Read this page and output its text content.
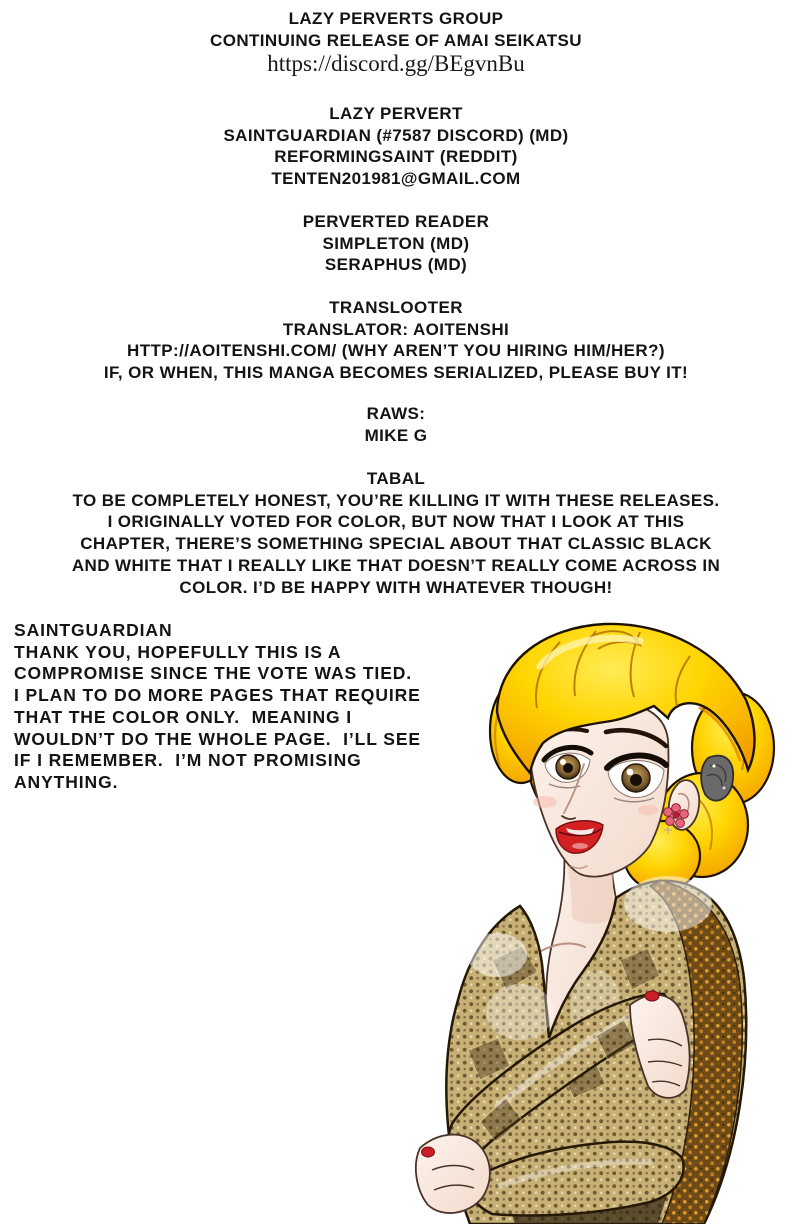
LAZY PERVERTS GROUP
CONTINUING RELEASE OF AMAI SEIKATSU
https://discord.gg/BEgvnBu
LAZY PERVERT
SAINTGUARDIAN (#7587 DISCORD) (MD)
REFORMINGSAINT (REDDIT)
TENTEN201981@GMAIL.COM
PERVERTED READER
SIMPLETON (MD)
SERAPHUS (MD)
TRANSLOOTER
TRANSLATOR: AOITENSHI
HTTP://AOITENSHI.COM/ (WHY AREN’T YOU HIRING HIM/HER?)
IF, OR WHEN, THIS MANGA BECOMES SERIALIZED, PLEASE BUY IT!
RAWS:
MIKE G
TABAL
TO BE COMPLETELY HONEST, YOU’RE KILLING IT WITH THESE RELEASES.
I ORIGINALLY VOTED FOR COLOR, BUT NOW THAT I LOOK AT THIS
CHAPTER, THERE’S SOMETHING SPECIAL ABOUT THAT CLASSIC BLACK
AND WHITE THAT I REALLY LIKE THAT DOESN’T REALLY COME ACROSS IN
COLOR. I’D BE HAPPY WITH WHATEVER THOUGH!
SAINTGUARDIAN
THANK YOU, HOPEFULLY THIS IS A
COMPROMISE SINCE THE VOTE WAS TIED.
I PLAN TO DO MORE PAGES THAT REQUIRE
THAT THE COLOR ONLY.  MEANING I
WOULDN’T DO THE WHOLE PAGE.  I’LL SEE
IF I REMEMBER.  I’M NOT PROMISING
ANYTHING.
